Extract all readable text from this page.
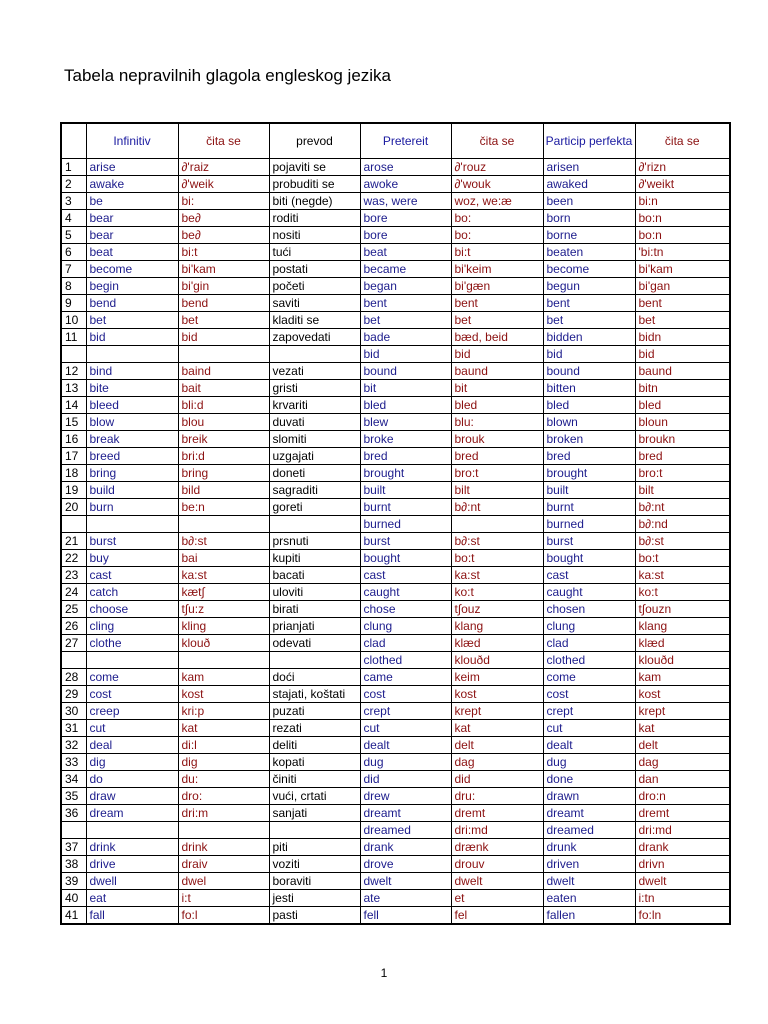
Tabela nepravilnih glagola engleskog jezika
	Infinitiv	čita se	prevod	Pretereit	čita se	Particip perfekta	čita se
1	arise	∂'raiz	pojaviti se	arose	∂'rouz	arisen	∂'rizn
2	awake	∂'weik	probuditi se	awoke	∂'wouk	awaked	∂'weikt
3	be	bi:	biti (negde)	was, were	woz, we:æ	been	bi:n
4	bear	be∂	roditi	bore	bo:	born	bo:n
5	bear	be∂	nositi	bore	bo:	borne	bo:n
6	beat	bi:t	tući	beat	bi:t	beaten	'bi:tn
7	become	bi'kam	postati	became	bi'keim	become	bi'kam
8	begin	bi'gin	početi	began	bi'gæn	begun	bi'gan
9	bend	bend	saviti	bent	bent	bent	bent
10	bet	bet	kladiti se	bet	bet	bet	bet
11	bid	bid	zapovedati	bade	bæd, beid	bidden	bidn
				bid	bid	bid	bid
12	bind	baind	vezati	bound	baund	bound	baund
13	bite	bait	gristi	bit	bit	bitten	bitn
14	bleed	bli:d	krvariti	bled	bled	bled	bled
15	blow	blou	duvati	blew	blu:	blown	bloun
16	break	breik	slomiti	broke	brouk	broken	broukn
17	breed	bri:d	uzgajati	bred	bred	bred	bred
18	bring	bring	doneti	brought	bro:t	brought	bro:t
19	build	bild	sagraditi	built	bilt	built	bilt
20	burn	be:n	goreti	burnt	b∂:nt	burnt	b∂:nt
				burned		burned	b∂:nd
21	burst	b∂:st	prsnuti	burst	b∂:st	burst	b∂:st
22	buy	bai	kupiti	bought	bo:t	bought	bo:t
23	cast	ka:st	bacati	cast	ka:st	cast	ka:st
24	catch	kæt∫	uloviti	caught	ko:t	caught	ko:t
25	choose	t∫u:z	birati	chose	t∫ouz	chosen	t∫ouzn
26	cling	kling	prianjati	clung	klang	clung	klang
27	clothe	klouð	odevati	clad	klæd	clad	klæd
				clothed	klouðd	clothed	klouðd
28	come	kam	doći	came	keim	come	kam
29	cost	kost	stajati, koštati	cost	kost	cost	kost
30	creep	kri:p	puzati	crept	krept	crept	krept
31	cut	kat	rezati	cut	kat	cut	kat
32	deal	di:l	deliti	dealt	delt	dealt	delt
33	dig	dig	kopati	dug	dag	dug	dag
34	do	du:	činiti	did	did	done	dan
35	draw	dro:	vući, crtati	drew	dru:	drawn	dro:n
36	dream	dri:m	sanjati	dreamt	dremt	dreamt	dremt
				dreamed	dri:md	dreamed	dri:md
37	drink	drink	piti	drank	drænk	drunk	drank
38	drive	draiv	voziti	drove	drouv	driven	drivn
39	dwell	dwel	boraviti	dwelt	dwelt	dwelt	dwelt
40	eat	i:t	jesti	ate	et	eaten	i:tn
41	fall	fo:l	pasti	fell	fel	fallen	fo:ln
1
